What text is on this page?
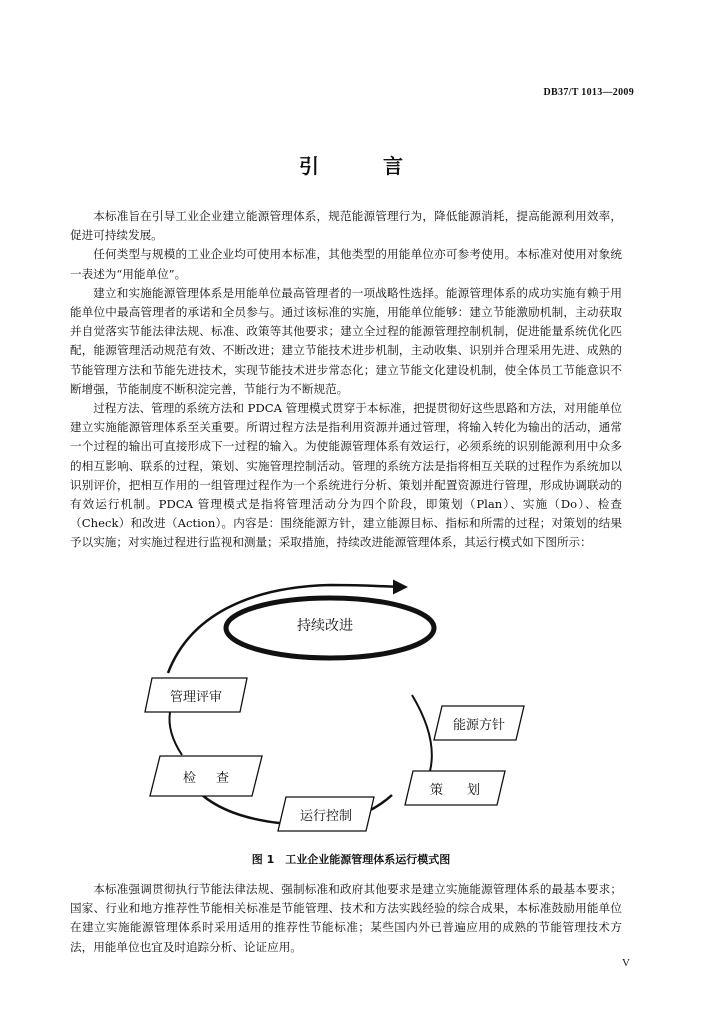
DB37/T 1013—2009
引　言

本标准旨在引导工业企业建立能源管理体系，规范能源管理行为，降低能源消耗，提高能源利用效率，促进可持续发展。

任何类型与规模的工业企业均可使用本标准，其他类型的用能单位亦可参考使用。本标准对使用对象统一表述为“用能单位”。

建立和实施能源管理体系是用能单位最高管理者的一项战略性选择。能源管理体系的成功实施有赖于用能单位中最高管理者的承诺和全员参与。通过该标准的实施，用能单位能够：建立节能激励机制，主动获取并自觉落实节能法律法规、标准、政策等其他要求；建立全过程的能源管理控制机制，促进能量系统优化匹配，能源管理活动规范有效、不断改进；建立节能技术进步机制，主动收集、识别并合理采用先进、成熟的节能管理方法和节能先进技术，实现节能技术进步常态化；建立节能文化建设机制，使全体员工节能意识不断增强，节能制度不断积淀完善，节能行为不断规范。

过程方法、管理的系统方法和 PDCA 管理模式贯穿于本标准，把提贯彻好这些思路和方法，对用能单位建立实施能源管理体系至关重要。所谓过程方法是指利用资源并通过管理，将输入转化为输出的活动，通常一个过程的输出可直接形成下一过程的输入。为使能源管理体系有效运行，必须系统的识别能源利用中众多的相互影响、联系的过程，策划、实施管理控制活动。管理的系统方法是指将相互关联的过程作为系统加以识别评价，把相互作用的一组管理过程作为一个系统进行分析、策划并配置资源进行管理，形成协调联动的有效运行机制。PDCA 管理模式是指将管理活动分为四个阶段，即策划（Plan）、实施（Do）、检查（Check）和改进（Action）。内容是：围绕能源方针，建立能源目标、指标和所需的过程；对策划的结果予以实施；对实施过程进行监视和测量；采取措施，持续改进能源管理体系，其运行模式如下图所示：

持续改进
管理评审
检查
能源方针
策划
运行控制
图 1　工业企业能源管理体系运行模式图

本标准强调贯彻执行节能法律法规、强制标准和政府其他要求是建立实施能源管理体系的最基本要求；国家、行业和地方推荐性节能相关标准是节能管理、技术和方法实践经验的综合成果，本标准鼓励用能单位在建立实施能源管理体系时采用适用的推荐性节能标准；某些国内外已普遍应用的成熟的节能管理技术方法，用能单位也宜及时追踪分析、论证应用。

V
